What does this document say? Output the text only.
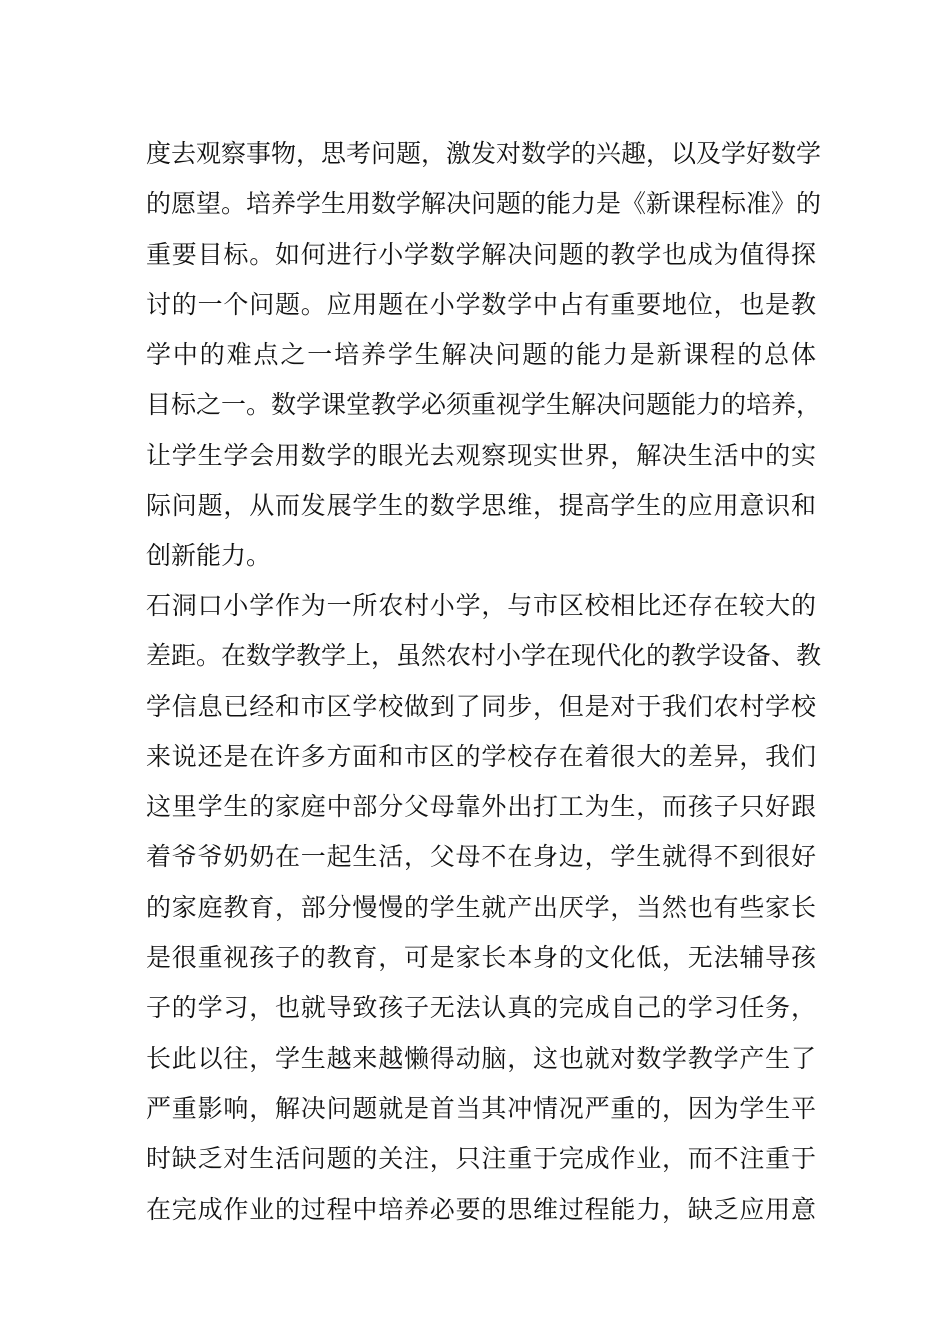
度去观察事物，思考问题，激发对数学的兴趣，以及学好数学
的愿望。培养学生用数学解决问题的能力是《新课程标准》的
重要目标。如何进行小学数学解决问题的教学也成为值得探
讨的一个问题。应用题在小学数学中占有重要地位，也是教
学中的难点之一培养学生解决问题的能力是新课程的总体
目标之一。数学课堂教学必须重视学生解决问题能力的培养，
让学生学会用数学的眼光去观察现实世界，解决生活中的实
际问题，从而发展学生的数学思维，提高学生的应用意识和
创新能力。
石洞口小学作为一所农村小学，与市区校相比还存在较大的
差距。在数学教学上，虽然农村小学在现代化的教学设备、教
学信息已经和市区学校做到了同步，但是对于我们农村学校
来说还是在许多方面和市区的学校存在着很大的差异，我们
这里学生的家庭中部分父母靠外出打工为生，而孩子只好跟
着爷爷奶奶在一起生活，父母不在身边，学生就得不到很好
的家庭教育，部分慢慢的学生就产出厌学，当然也有些家长
是很重视孩子的教育，可是家长本身的文化低，无法辅导孩
子的学习，也就导致孩子无法认真的完成自己的学习任务，
长此以往，学生越来越懒得动脑，这也就对数学教学产生了
严重影响，解决问题就是首当其冲情况严重的，因为学生平
时缺乏对生活问题的关注，只注重于完成作业，而不注重于
在完成作业的过程中培养必要的思维过程能力，缺乏应用意
